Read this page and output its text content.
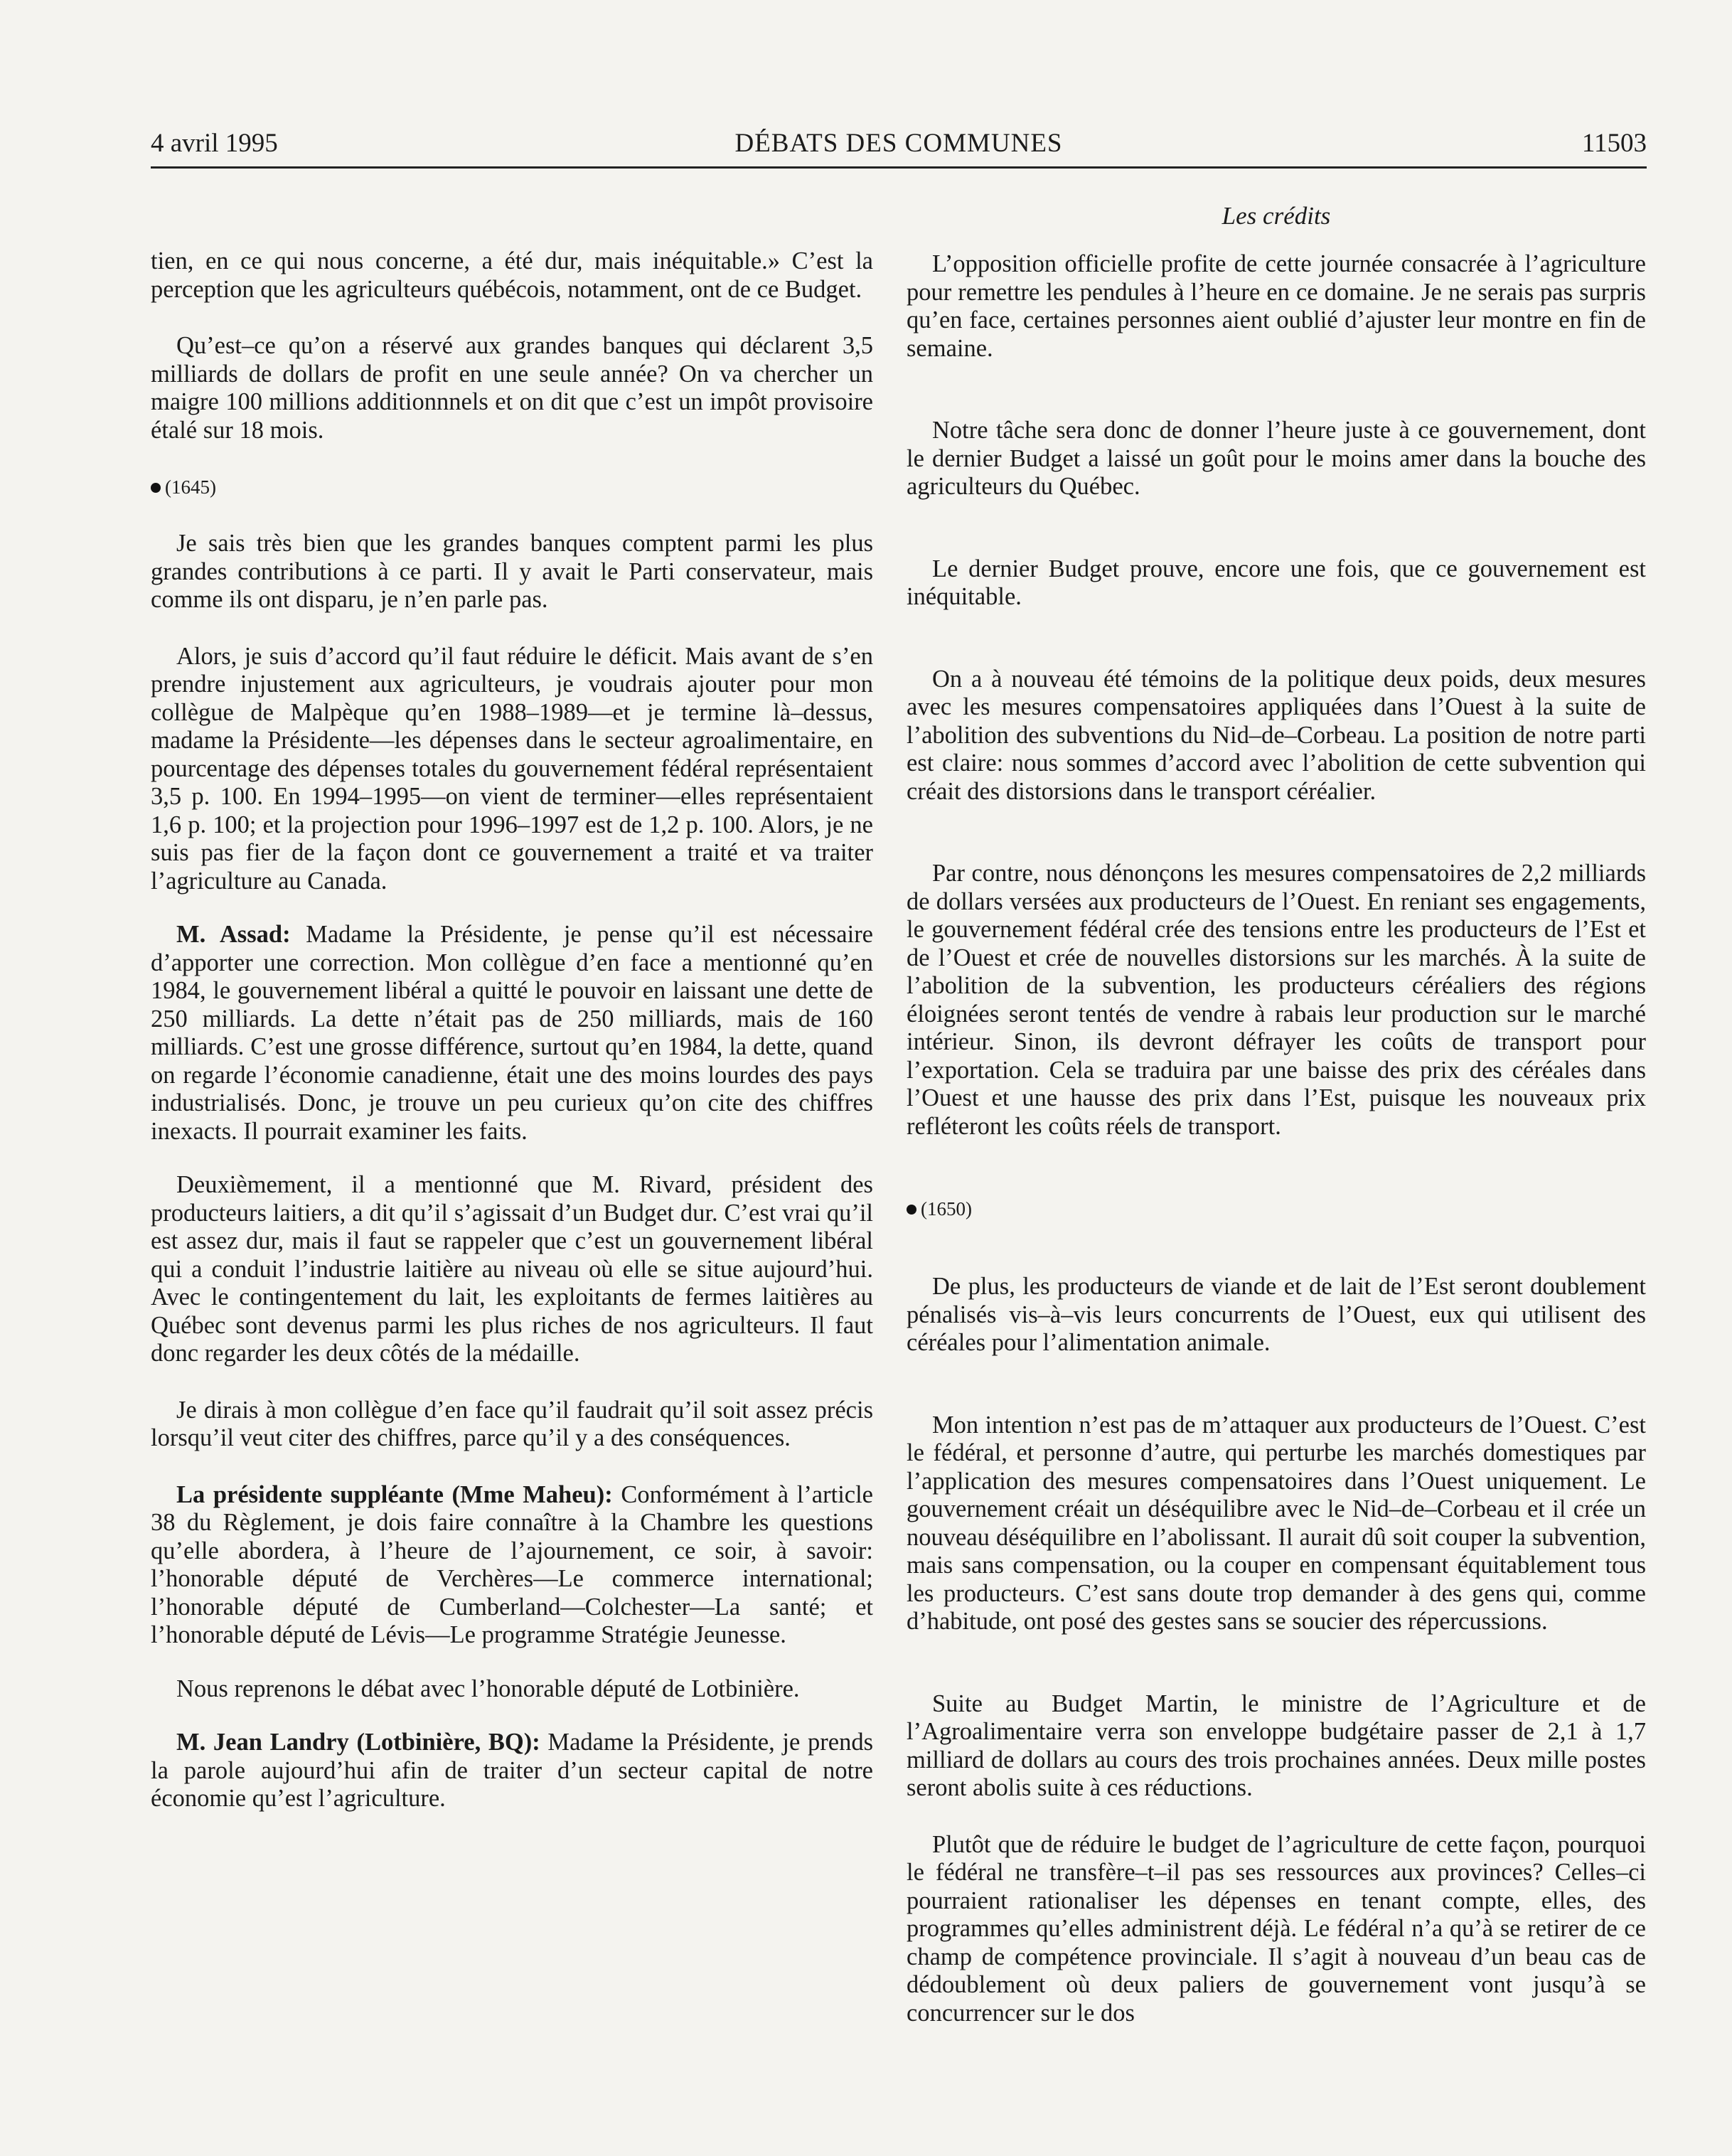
4 avril 1995	DÉBATS DES COMMUNES	11503
Les crédits

tien, en ce qui nous concerne, a été dur, mais inéquitable.» C’est la perception que les agriculteurs québécois, notamment, ont de ce Budget.

Qu’est–ce qu’on a réservé aux grandes banques qui déclarent 3,5 milliards de dollars de profit en une seule année? On va chercher un maigre 100 millions additionnnels et on dit que c’est un impôt provisoire étalé sur 18 mois.

(1645)

Je sais très bien que les grandes banques comptent parmi les plus grandes contributions à ce parti. Il y avait le Parti conservateur, mais comme ils ont disparu, je n’en parle pas.

Alors, je suis d’accord qu’il faut réduire le déficit. Mais avant de s’en prendre injustement aux agriculteurs, je voudrais ajouter pour mon collègue de Malpèque qu’en 1988–1989—et je termine là–dessus, madame la Présidente—les dépenses dans le secteur agroalimentaire, en pourcentage des dépenses totales du gouvernement fédéral représentaient 3,5 p. 100. En 1994–1995—on vient de terminer—elles représentaient 1,6 p. 100; et la projection pour 1996–1997 est de 1,2 p. 100. Alors, je ne suis pas fier de la façon dont ce gouvernement a traité et va traiter l’agriculture au Canada.

M. Assad: Madame la Présidente, je pense qu’il est nécessaire d’apporter une correction. Mon collègue d’en face a mentionné qu’en 1984, le gouvernement libéral a quitté le pouvoir en laissant une dette de 250 milliards. La dette n’était pas de 250 milliards, mais de 160 milliards. C’est une grosse différence, surtout qu’en 1984, la dette, quand on regarde l’économie canadienne, était une des moins lourdes des pays industrialisés. Donc, je trouve un peu curieux qu’on cite des chiffres inexacts. Il pourrait examiner les faits.

Deuxièmement, il a mentionné que M. Rivard, président des producteurs laitiers, a dit qu’il s’agissait d’un Budget dur. C’est vrai qu’il est assez dur, mais il faut se rappeler que c’est un gouvernement libéral qui a conduit l’industrie laitière au niveau où elle se situe aujourd’hui. Avec le contingentement du lait, les exploitants de fermes laitières au Québec sont devenus parmi les plus riches de nos agriculteurs. Il faut donc regarder les deux côtés de la médaille.

Je dirais à mon collègue d’en face qu’il faudrait qu’il soit assez précis lorsqu’il veut citer des chiffres, parce qu’il y a des conséquences.

La présidente suppléante (Mme Maheu): Conformément à l’article 38 du Règlement, je dois faire connaître à la Chambre les questions qu’elle abordera, à l’heure de l’ajournement, ce soir, à savoir: l’honorable député de Verchères—Le commerce international; l’honorable député de Cumberland—Colchester—La santé; et l’honorable député de Lévis—Le programme Stratégie Jeunesse.

Nous reprenons le débat avec l’honorable député de Lotbinière.

M. Jean Landry (Lotbinière, BQ): Madame la Présidente, je prends la parole aujourd’hui afin de traiter d’un secteur capital de notre économie qu’est l’agriculture.

L’opposition officielle profite de cette journée consacrée à l’agriculture pour remettre les pendules à l’heure en ce domaine. Je ne serais pas surpris qu’en face, certaines personnes aient oublié d’ajuster leur montre en fin de semaine.

Notre tâche sera donc de donner l’heure juste à ce gouvernement, dont le dernier Budget a laissé un goût pour le moins amer dans la bouche des agriculteurs du Québec.

Le dernier Budget prouve, encore une fois, que ce gouvernement est inéquitable.

On a à nouveau été témoins de la politique deux poids, deux mesures avec les mesures compensatoires appliquées dans l’Ouest à la suite de l’abolition des subventions du Nid–de–Corbeau. La position de notre parti est claire: nous sommes d’accord avec l’abolition de cette subvention qui créait des distorsions dans le transport céréalier.

Par contre, nous dénonçons les mesures compensatoires de 2,2 milliards de dollars versées aux producteurs de l’Ouest. En reniant ses engagements, le gouvernement fédéral crée des tensions entre les producteurs de l’Est et de l’Ouest et crée de nouvelles distorsions sur les marchés. À la suite de l’abolition de la subvention, les producteurs céréaliers des régions éloignées seront tentés de vendre à rabais leur production sur le marché intérieur. Sinon, ils devront défrayer les coûts de transport pour l’exportation. Cela se traduira par une baisse des prix des céréales dans l’Ouest et une hausse des prix dans l’Est, puisque les nouveaux prix refléteront les coûts réels de transport.

(1650)

De plus, les producteurs de viande et de lait de l’Est seront doublement pénalisés vis–à–vis leurs concurrents de l’Ouest, eux qui utilisent des céréales pour l’alimentation animale.

Mon intention n’est pas de m’attaquer aux producteurs de l’Ouest. C’est le fédéral, et personne d’autre, qui perturbe les marchés domestiques par l’application des mesures compensatoires dans l’Ouest uniquement. Le gouvernement créait un déséquilibre avec le Nid–de–Corbeau et il crée un nouveau déséquilibre en l’abolissant. Il aurait dû soit couper la subvention, mais sans compensation, ou la couper en compensant équitablement tous les producteurs. C’est sans doute trop demander à des gens qui, comme d’habitude, ont posé des gestes sans se soucier des répercussions.

Suite au Budget Martin, le ministre de l’Agriculture et de l’Agroalimentaire verra son enveloppe budgétaire passer de 2,1 à 1,7 milliard de dollars au cours des trois prochaines années. Deux mille postes seront abolis suite à ces réductions.

Plutôt que de réduire le budget de l’agriculture de cette façon, pourquoi le fédéral ne transfère–t–il pas ses ressources aux provinces? Celles–ci pourraient rationaliser les dépenses en tenant compte, elles, des programmes qu’elles administrent déjà. Le fédéral n’a qu’à se retirer de ce champ de compétence provinciale. Il s’agit à nouveau d’un beau cas de dédoublement où deux paliers de gouvernement vont jusqu’à se concurrencer sur le dos
